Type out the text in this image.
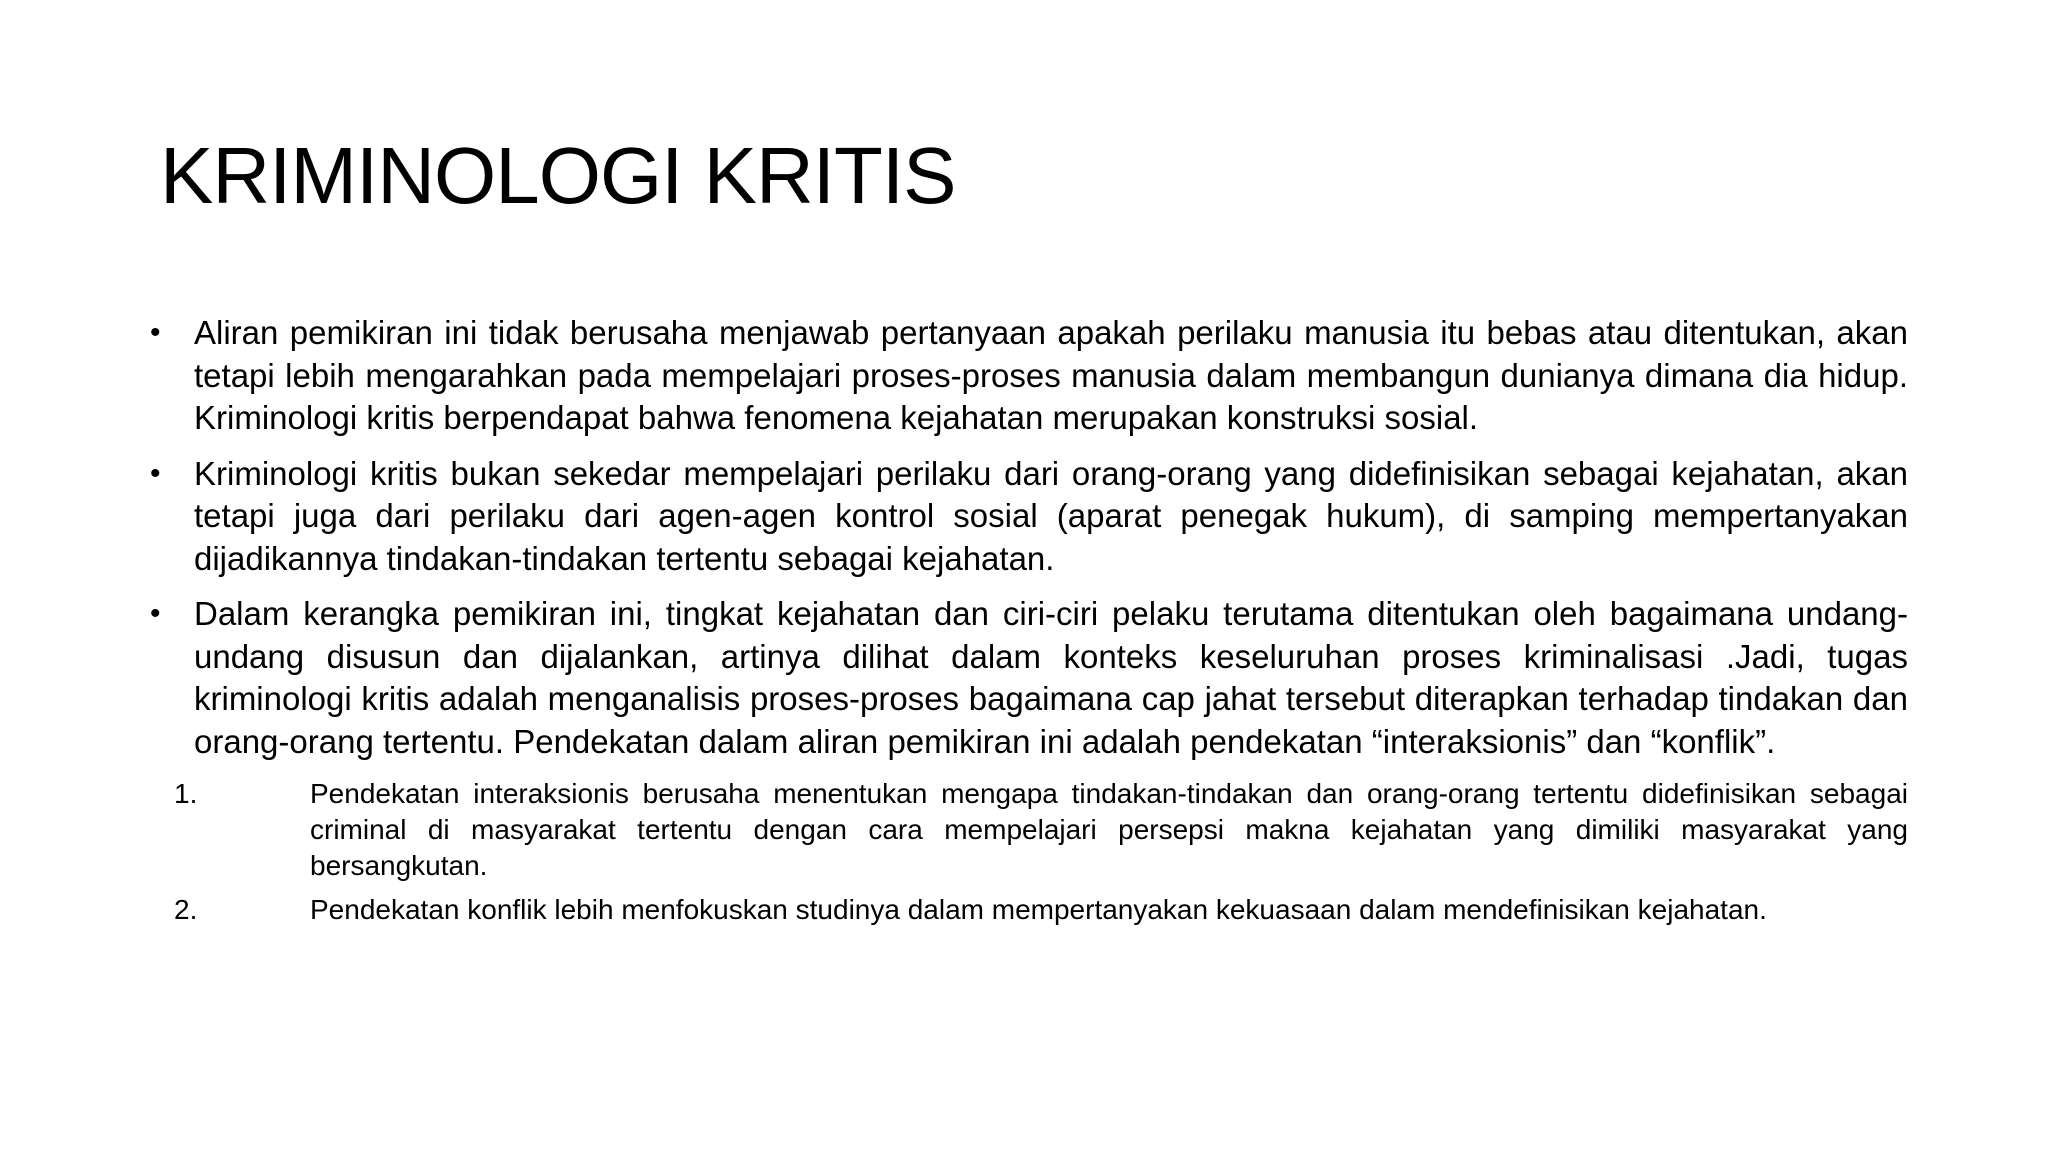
KRIMINOLOGI KRITIS

•	Aliran pemikiran ini tidak berusaha menjawab pertanyaan apakah perilaku manusia itu bebas atau ditentukan, akan tetapi lebih mengarahkan pada mempelajari proses-proses manusia dalam membangun dunianya dimana dia hidup. Kriminologi kritis berpendapat bahwa fenomena kejahatan merupakan konstruksi sosial.

•	Kriminologi kritis bukan sekedar mempelajari perilaku dari orang-orang yang didefinisikan sebagai kejahatan, akan tetapi juga dari perilaku dari agen-agen kontrol sosial (aparat penegak hukum), di samping mempertanyakan dijadikannya tindakan-tindakan tertentu sebagai kejahatan.

•	Dalam kerangka pemikiran ini, tingkat kejahatan dan ciri-ciri pelaku terutama ditentukan oleh bagaimana undang-undang disusun dan dijalankan, artinya dilihat dalam konteks keseluruhan proses kriminalisasi .Jadi, tugas kriminologi kritis adalah menganalisis proses-proses bagaimana cap jahat tersebut diterapkan terhadap tindakan dan orang-orang tertentu. Pendekatan dalam aliran pemikiran ini adalah pendekatan “interaksionis” dan “konflik”.

1.	Pendekatan interaksionis berusaha menentukan mengapa tindakan-tindakan dan orang-orang tertentu didefinisikan sebagai criminal di masyarakat tertentu dengan cara mempelajari persepsi makna kejahatan yang dimiliki masyarakat yang bersangkutan.

2.	Pendekatan konflik lebih menfokuskan studinya dalam mempertanyakan kekuasaan dalam mendefinisikan kejahatan.
